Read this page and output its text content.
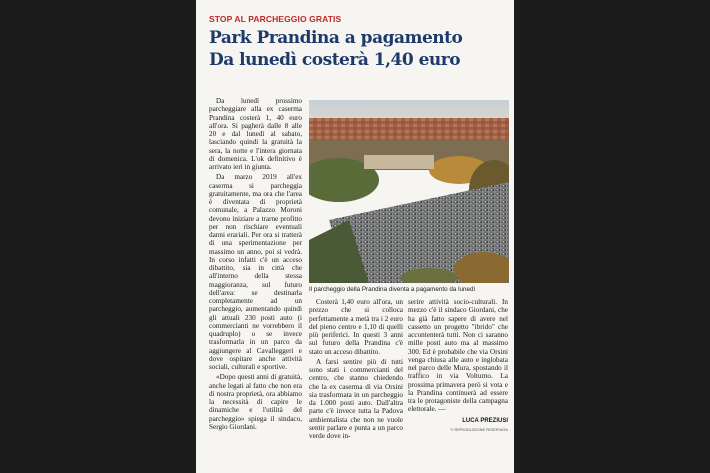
STOP AL PARCHEGGIO GRATIS
Park Prandina a pagamento
Da lunedì costerà 1,40 euro

Da lunedì prossimo parcheggiare alla ex caserma Prandina costerà 1, 40 euro all'ora. Si pagherà dalle 8 alle 20 e dal lunedì al sabato, lasciando quindi la gratuità la sera, la notte e l'intera giornata di domenica. L'ok definitivo è arrivato ieri in giunta.

Da marzo 2019 all'ex caserma si parcheggia gratuitamente, ma ora che l'area è diventata di proprietà comunale, a Palazzo Moroni devono iniziare a trarne profitto per non rischiare eventuali danni erariali. Per ora si tratterà di una sperimentazione per massimo un anno, poi si vedrà. In corso infatti c'è un acceso dibattito, sia in città che all'interno della stessa maggioranza, sul futuro dell'area: se destinarla completamente ad un parcheggio, aumentando quindi gli attuali 230 posti auto (i commercianti ne vorrebbero il quadruplo) o se invece trasformarla in un parco da aggiungere al Cavalleggeri e dove ospitare anche attività sociali, culturali e sportive.

«Dopo questi anni di gratuità, anche legati al fatto che non era di nostra proprietà, ora abbiamo la necessità di capire le dinamiche e l'utilità del parcheggio» spiega il sindaco, Sergio Giordani.

Il parcheggio della Prandina diventa a pagamento da lunedì

Costerà 1,40 euro all'ora, un prezzo che si colloca perfettamente a metà tra i 2 euro del pieno centro e 1,10 di quelli più periferici. In questi 3 anni sul futuro della Prandina c'è stato un acceso dibattito.

A farsi sentire più di tutti sono stati i commercianti del centro, che stanno chiedendo che la ex caserma di via Orsini sia trasformata in un parcheggio da 1.000 posti auto. Dall'altra parte c'è invece tutta la Padova ambientalista che non ne vuole sentir parlare e punta a un parco verde dove in-

serire attività socio-culturali. In mezzo c'è il sindaco Giordani, che ha già fatto sapere di avere nel cassetto un progetto "ibrido" che accontenterà tutti. Non ci saranno mille posti auto ma al massimo 300. Ed è probabile che via Orsini venga chiusa alle auto e inglobata nel parco delle Mura, spostando il traffico in via Volturno. La prossima primavera però si vota e la Prandina continuerà ad essere tra le protagoniste della campagna elettorale. —

LUCA PREZIUSI
© RIPRODUZIONE RISERVATA
